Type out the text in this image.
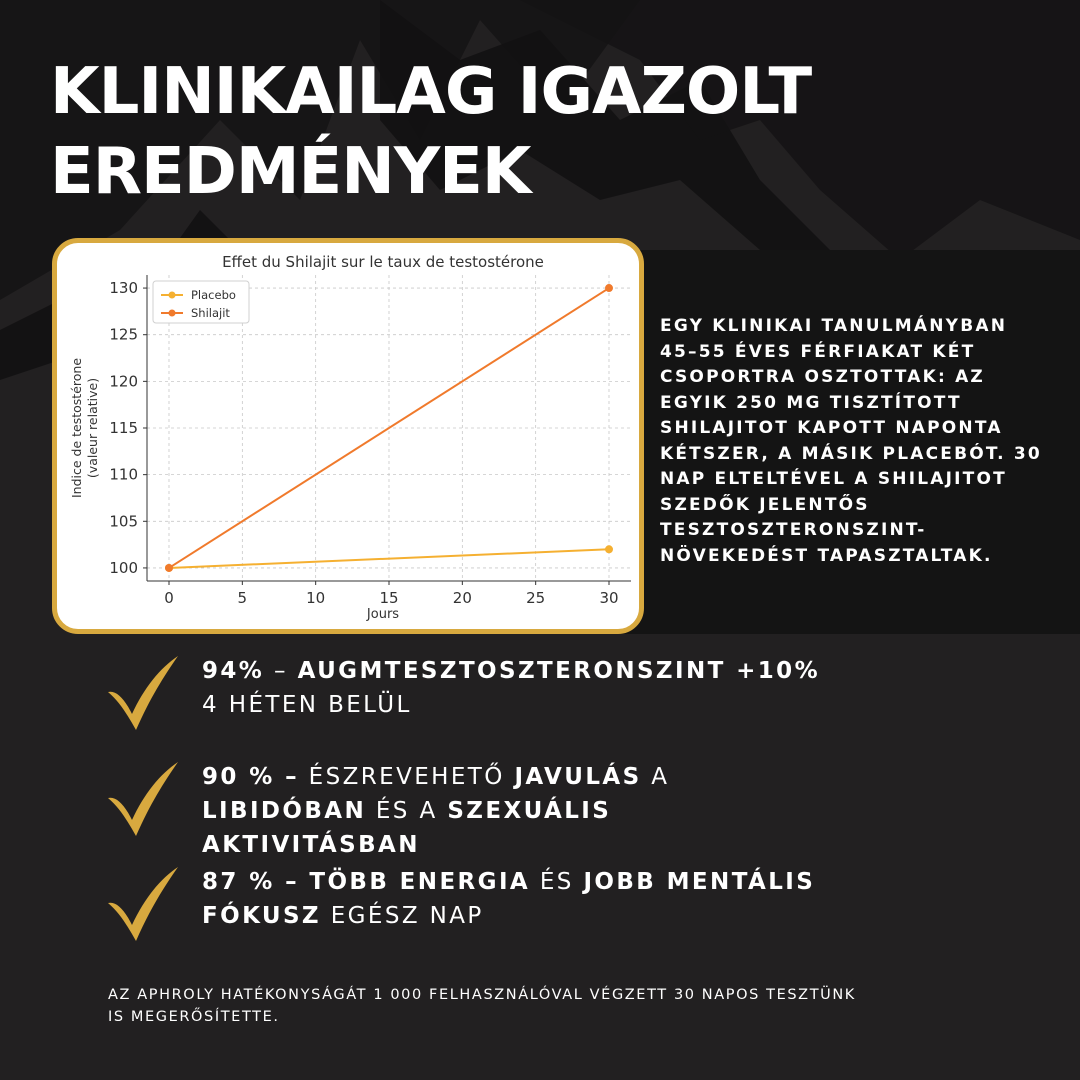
KLINIKAILAG IGAZOLT
EREDMÉNYEK
0	5	10	15	20	25	30
100
105
110
115
120
125
130
Effet du Shilajit sur le taux de testostérone
Jours
Indice de testostérone (valeur relative)
Placebo
Shilajit

EGY KLINIKAI TANULMÁNYBAN 45–55 ÉVES FÉRFIAKAT KÉT CSOPORTRA OSZTOTTAK: AZ EGYIK 250 MG TISZTÍTOTT SHILAJITOT KAPOTT NAPONTA KÉTSZER, A MÁSIK PLACEBÓT. 30 NAP ELTELTÉVEL A SHILAJITOT SZEDŐK JELENTŐS TESZTOSZTERONSZINT-NÖVEKEDÉST TAPASZTALTAK.

94% – AUGMTESZTOSZTERONSZINT +10% 4 HÉTEN BELÜL

90 % – ÉSZREVEHETŐ JAVULÁS A LIBIDÓBAN ÉS A SZEXUÁLIS AKTIVITÁSBAN

87 % – TÖBB ENERGIA ÉS JOBB MENTÁLIS FÓKUSZ EGÉSZ NAP

AZ APHROLY HATÉKONYSÁGÁT 1 000 FELHASZNÁLÓVAL VÉGZETT 30 NAPOS TESZTÜNK IS MEGERŐSÍTETTE.
